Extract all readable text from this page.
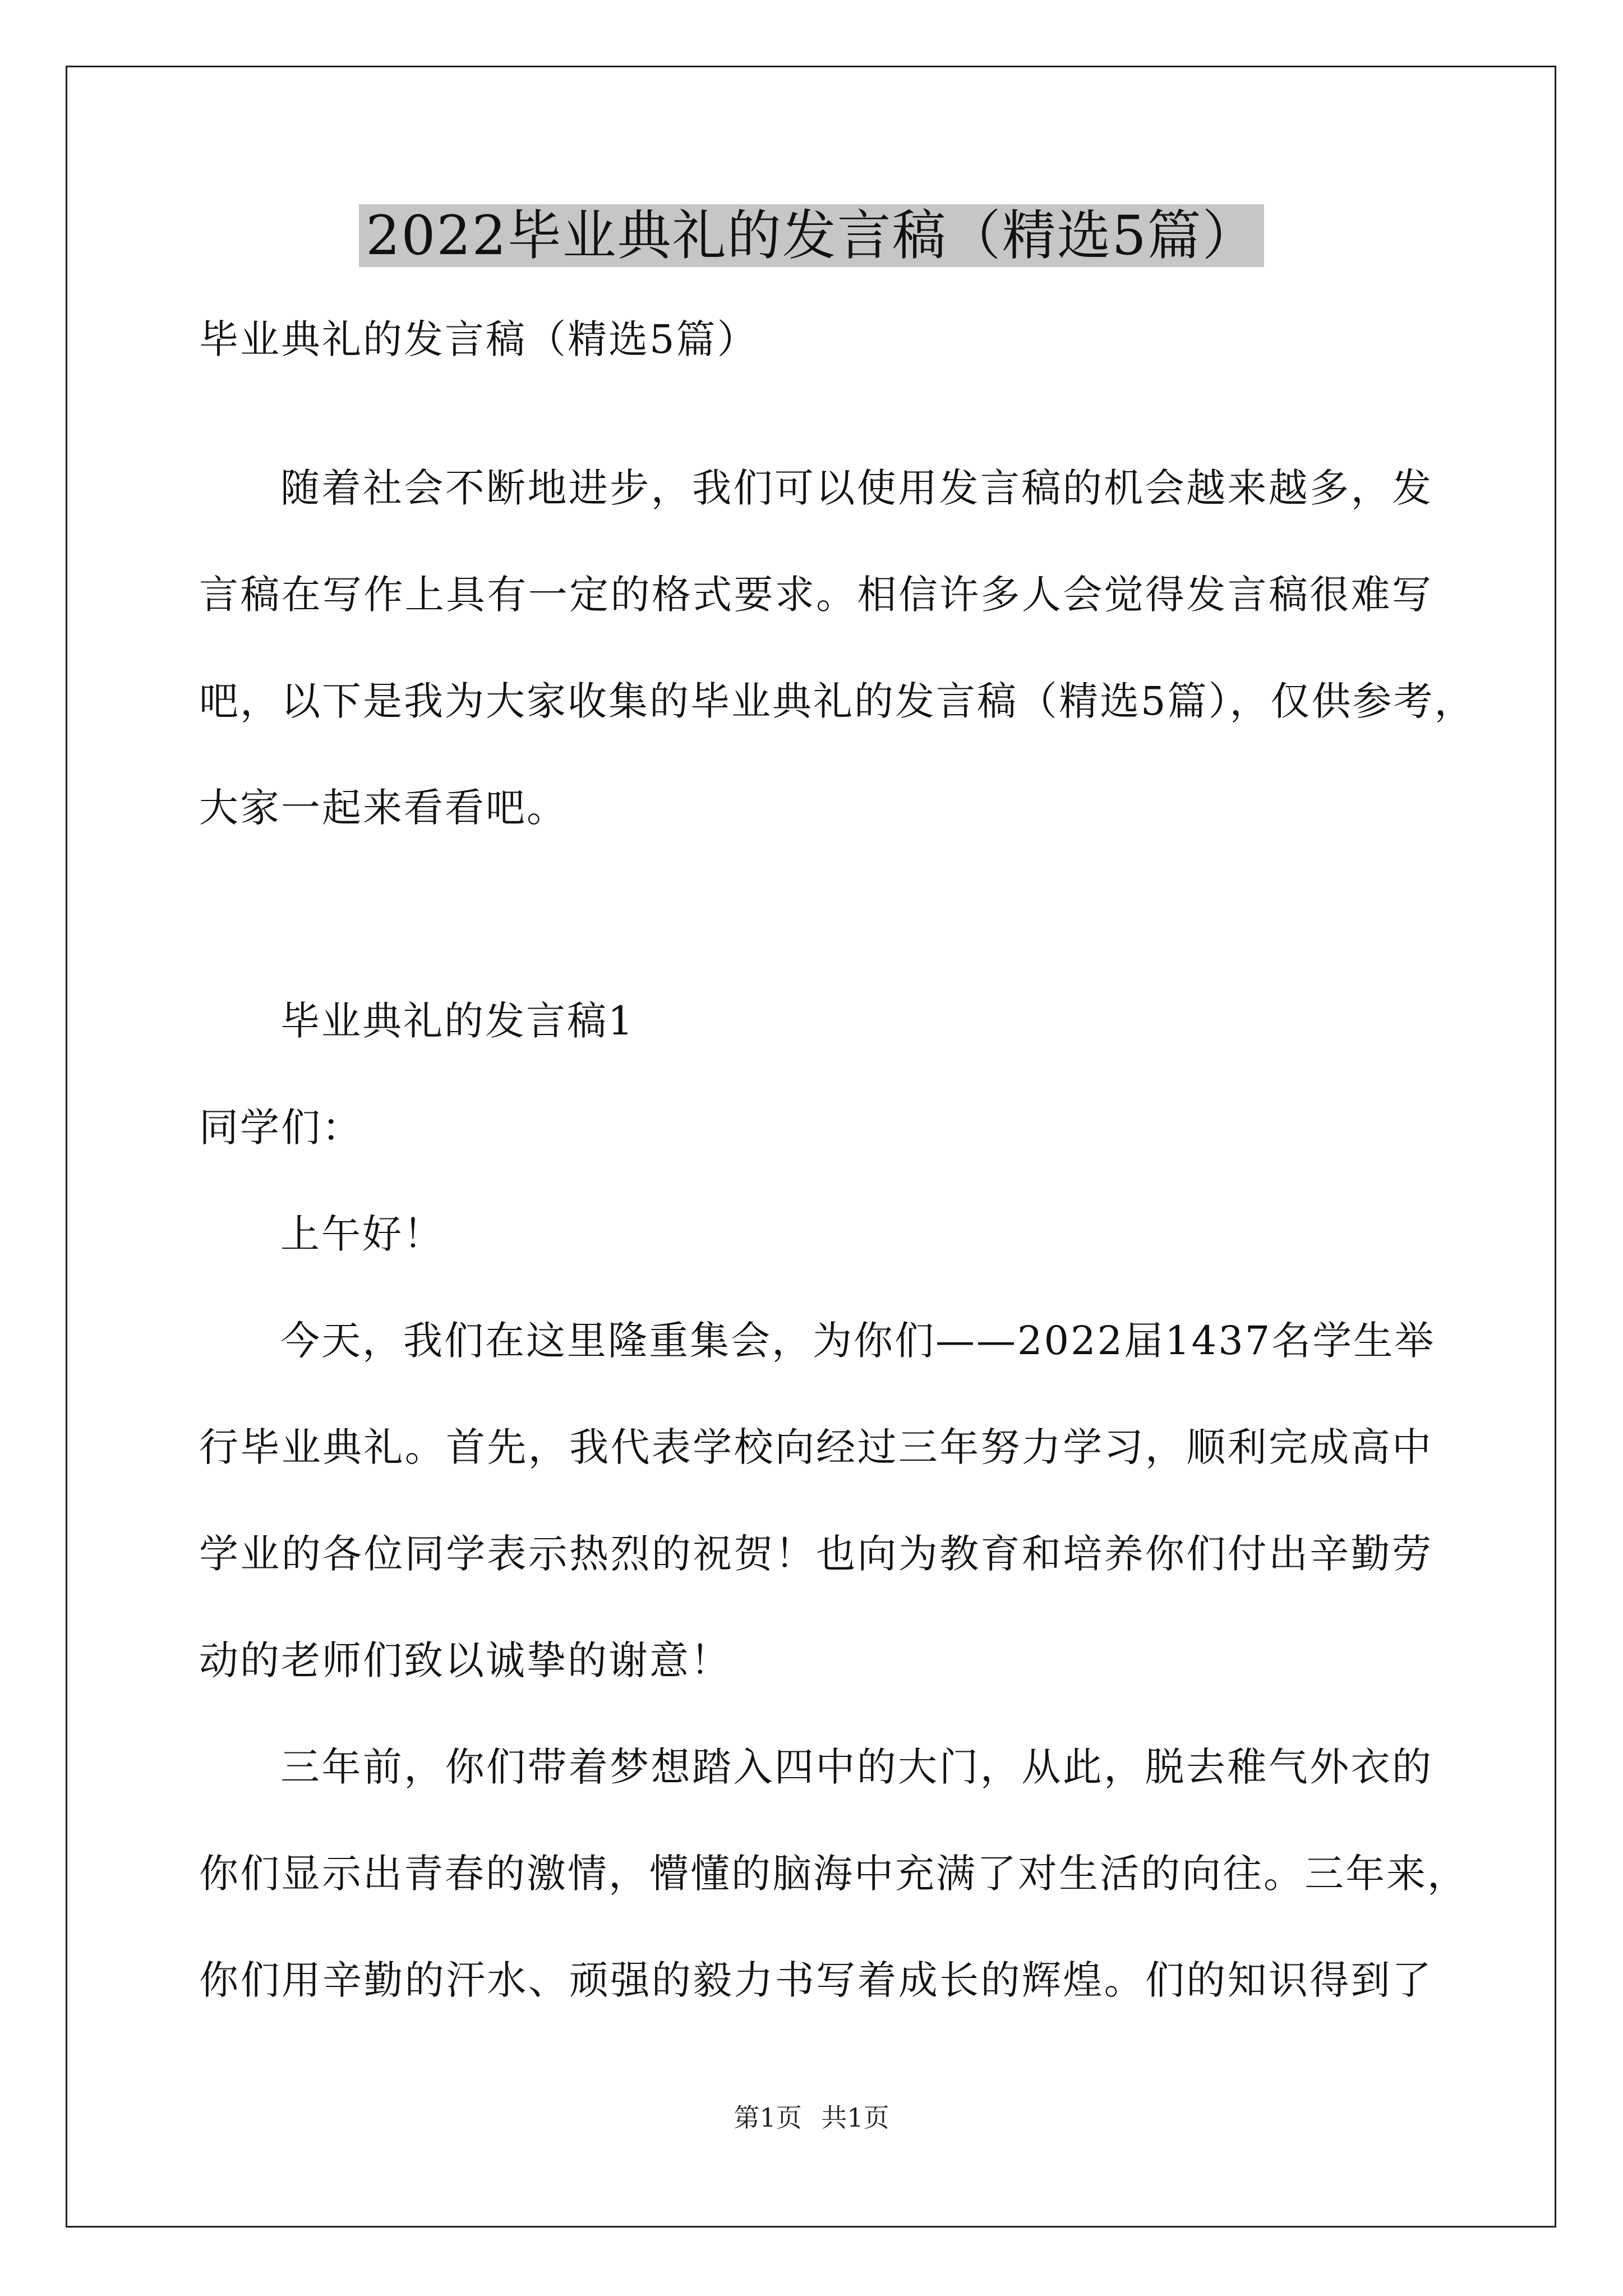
2022毕业典礼的发言稿（精选5篇）
毕业典礼的发言稿（精选5篇）
随着社会不断地进步，我们可以使用发言稿的机会越来越多，发
言稿在写作上具有一定的格式要求。相信许多人会觉得发言稿很难写
吧，以下是我为大家收集的毕业典礼的发言稿（精选5篇），仅供参考，
大家一起来看看吧。
毕业典礼的发言稿1
同学们：
上午好！
今天，我们在这里隆重集会，为你们——2022届1437名学生举
行毕业典礼。首先，我代表学校向经过三年努力学习，顺利完成高中
学业的各位同学表示热烈的祝贺！也向为教育和培养你们付出辛勤劳
动的老师们致以诚挚的谢意！
三年前，你们带着梦想踏入四中的大门，从此，脱去稚气外衣的
你们显示出青春的激情，懵懂的脑海中充满了对生活的向往。三年来，
你们用辛勤的汗水、顽强的毅力书写着成长的辉煌。们的知识得到了
第1页 共1页
